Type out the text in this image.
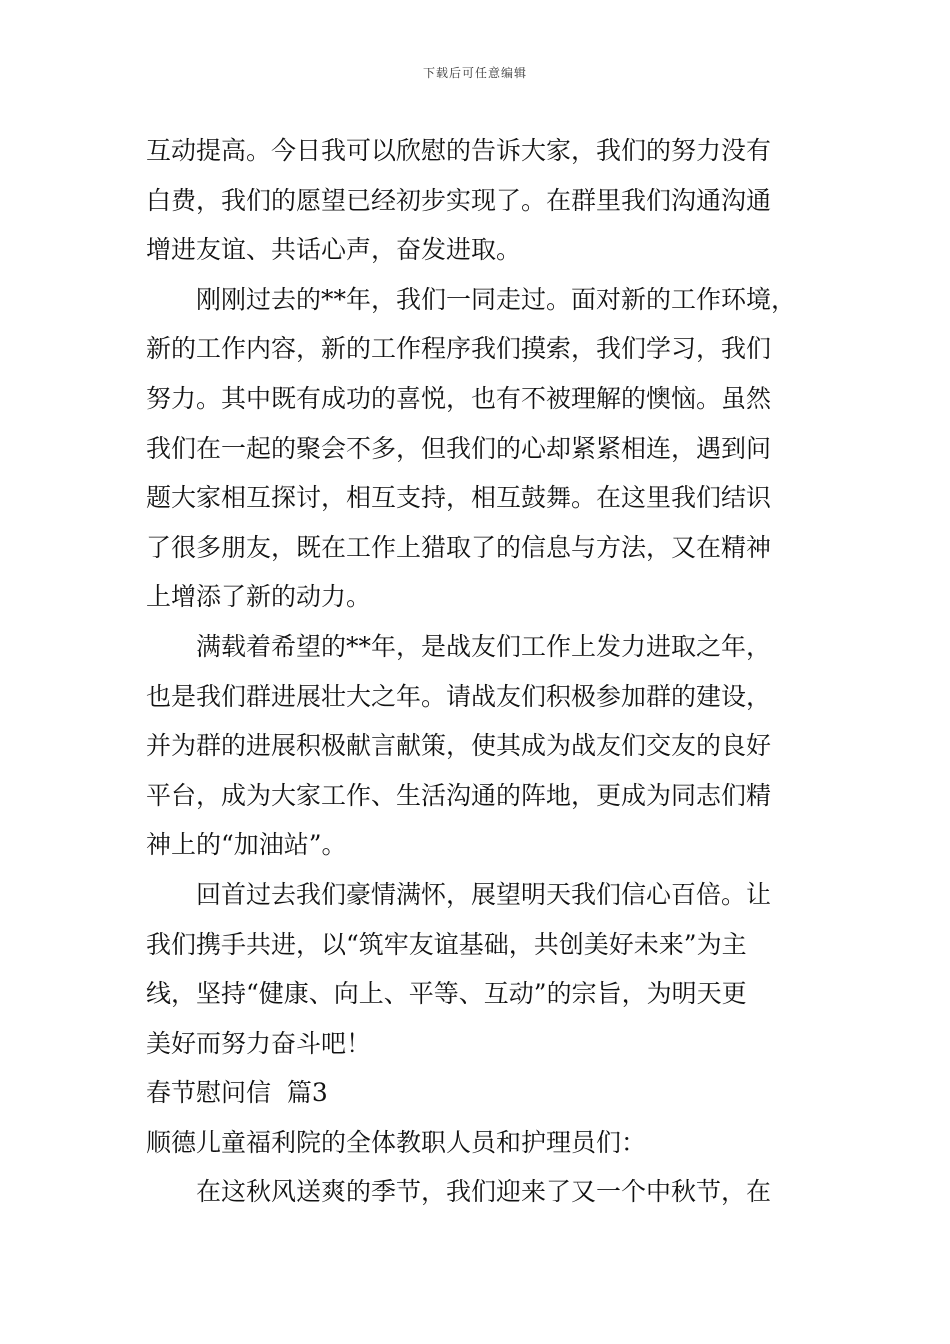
下载后可任意编辑

互动提高。今日我可以欣慰的告诉大家，我们的努力没有
白费，我们的愿望已经初步实现了。在群里我们沟通沟通
增进友谊、共话心声，奋发进取。

刚刚过去的**年，我们一同走过。面对新的工作环境，
新的工作内容，新的工作程序我们摸索，我们学习，我们
努力。其中既有成功的喜悦，也有不被理解的懊恼。虽然
我们在一起的聚会不多，但我们的心却紧紧相连，遇到问
题大家相互探讨，相互支持，相互鼓舞。在这里我们结识
了很多朋友，既在工作上猎取了的信息与方法，又在精神
上增添了新的动力。

满载着希望的**年，是战友们工作上发力进取之年，
也是我们群进展壮大之年。请战友们积极参加群的建设，
并为群的进展积极献言献策，使其成为战友们交友的良好
平台，成为大家工作、生活沟通的阵地，更成为同志们精
神上的“加油站”。

回首过去我们豪情满怀，展望明天我们信心百倍。让
我们携手共进，以“筑牢友谊基础，共创美好未来”为主
线，坚持“健康、向上、平等、互动”的宗旨，为明天更
美好而努力奋斗吧！

春节慰问信  篇3

顺德儿童福利院的全体教职人员和护理员们：

在这秋风送爽的季节，我们迎来了又一个中秋节，在
